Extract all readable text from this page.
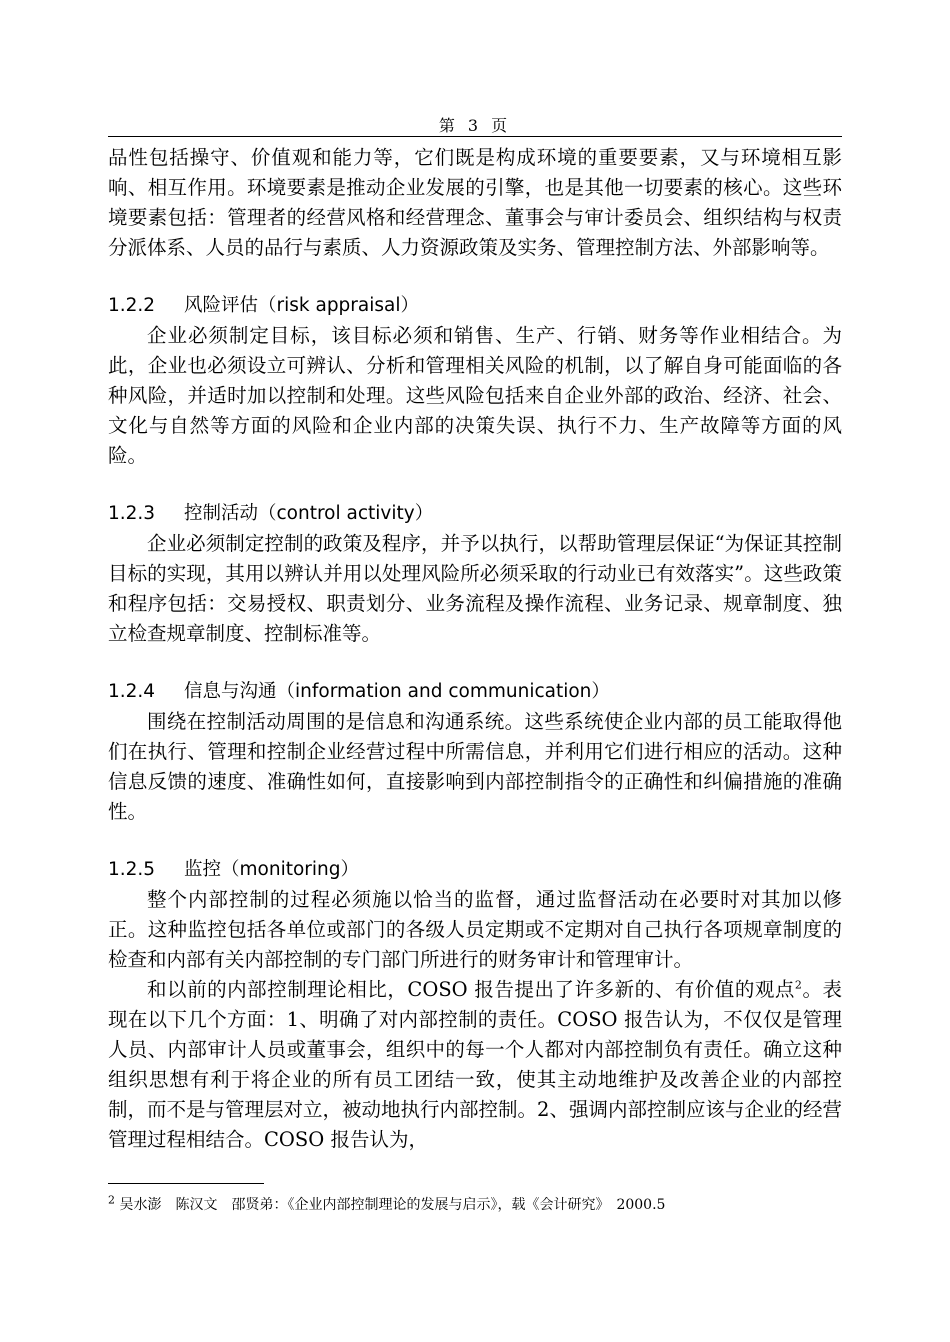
第 3 页

品性包括操守、价值观和能力等，它们既是构成环境的重要要素，又与环境相互影响、相互作用。环境要素是推动企业发展的引擎，也是其他一切要素的核心。这些环境要素包括：管理者的经营风格和经营理念、董事会与审计委员会、组织结构与权责分派体系、人员的品行与素质、人力资源政策及实务、管理控制方法、外部影响等。

1.2.2 风险评估（risk appraisal）

企业必须制定目标，该目标必须和销售、生产、行销、财务等作业相结合。为此，企业也必须设立可辨认、分析和管理相关风险的机制，以了解自身可能面临的各种风险，并适时加以控制和处理。这些风险包括来自企业外部的政治、经济、社会、文化与自然等方面的风险和企业内部的决策失误、执行不力、生产故障等方面的风险。

1.2.3 控制活动（control activity）

企业必须制定控制的政策及程序，并予以执行，以帮助管理层保证“为保证其控制目标的实现，其用以辨认并用以处理风险所必须采取的行动业已有效落实”。这些政策和程序包括：交易授权、职责划分、业务流程及操作流程、业务记录、规章制度、独立检查规章制度、控制标准等。

1.2.4 信息与沟通（information and communication）

围绕在控制活动周围的是信息和沟通系统。这些系统使企业内部的员工能取得他们在执行、管理和控制企业经营过程中所需信息，并利用它们进行相应的活动。这种信息反馈的速度、准确性如何，直接影响到内部控制指令的正确性和纠偏措施的准确性。

1.2.5 监控（monitoring）

整个内部控制的过程必须施以恰当的监督，通过监督活动在必要时对其加以修正。这种监控包括各单位或部门的各级人员定期或不定期对自己执行各项规章制度的检查和内部有关内部控制的专门部门所进行的财务审计和管理审计。

和以前的内部控制理论相比，COSO 报告提出了许多新的、有价值的观点$^2$。表现在以下几个方面：1、明确了对内部控制的责任。COSO 报告认为，不仅仅是管理人员、内部审计人员或董事会，组织中的每一个人都对内部控制负有责任。确立这种组织思想有利于将企业的所有员工团结一致，使其主动地维护及改善企业的内部控制，而不是与管理层对立，被动地执行内部控制。2、强调内部控制应该与企业的经营管理过程相结合。COSO 报告认为，

$^2$ 吴水澎　陈汉文　邵贤弟：《企业内部控制理论的发展与启示》，载《会计研究》　2000.5
